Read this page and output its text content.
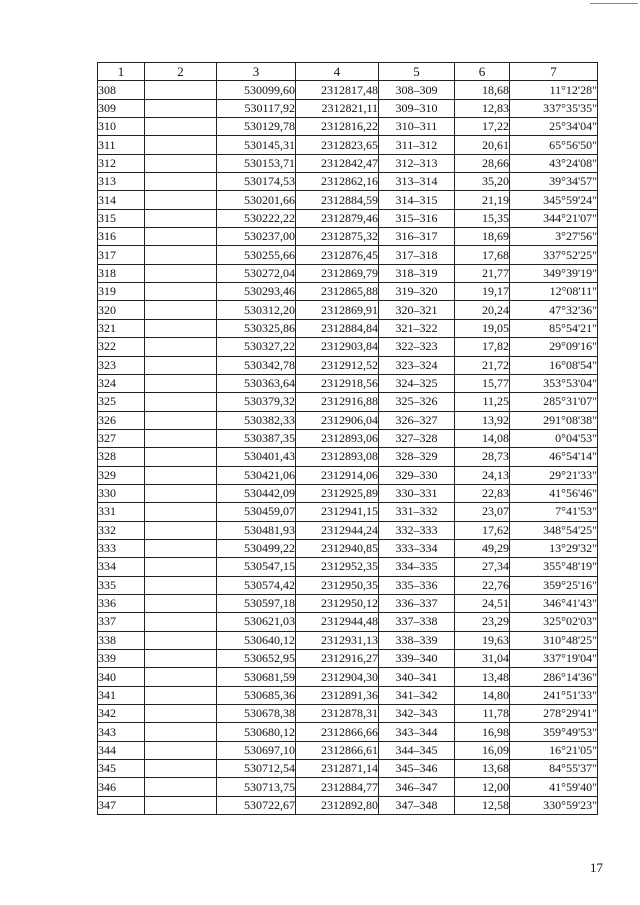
1	2	3	4	5	6	7
308		530099,60	2312817,48	308–309	18,68	11°12'28"
309		530117,92	2312821,11	309–310	12,83	337°35'35"
310		530129,78	2312816,22	310–311	17,22	25°34'04"
311		530145,31	2312823,65	311–312	20,61	65°56'50"
312		530153,71	2312842,47	312–313	28,66	43°24'08"
313		530174,53	2312862,16	313–314	35,20	39°34'57"
314		530201,66	2312884,59	314–315	21,19	345°59'24"
315		530222,22	2312879,46	315–316	15,35	344°21'07"
316		530237,00	2312875,32	316–317	18,69	3°27'56"
317		530255,66	2312876,45	317–318	17,68	337°52'25"
318		530272,04	2312869,79	318–319	21,77	349°39'19"
319		530293,46	2312865,88	319–320	19,17	12°08'11"
320		530312,20	2312869,91	320–321	20,24	47°32'36"
321		530325,86	2312884,84	321–322	19,05	85°54'21"
322		530327,22	2312903,84	322–323	17,82	29°09'16"
323		530342,78	2312912,52	323–324	21,72	16°08'54"
324		530363,64	2312918,56	324–325	15,77	353°53'04"
325		530379,32	2312916,88	325–326	11,25	285°31'07"
326		530382,33	2312906,04	326–327	13,92	291°08'38"
327		530387,35	2312893,06	327–328	14,08	0°04'53"
328		530401,43	2312893,08	328–329	28,73	46°54'14"
329		530421,06	2312914,06	329–330	24,13	29°21'33"
330		530442,09	2312925,89	330–331	22,83	41°56'46"
331		530459,07	2312941,15	331–332	23,07	7°41'53"
332		530481,93	2312944,24	332–333	17,62	348°54'25"
333		530499,22	2312940,85	333–334	49,29	13°29'32"
334		530547,15	2312952,35	334–335	27,34	355°48'19"
335		530574,42	2312950,35	335–336	22,76	359°25'16"
336		530597,18	2312950,12	336–337	24,51	346°41'43"
337		530621,03	2312944,48	337–338	23,29	325°02'03"
338		530640,12	2312931,13	338–339	19,63	310°48'25"
339		530652,95	2312916,27	339–340	31,04	337°19'04"
340		530681,59	2312904,30	340–341	13,48	286°14'36"
341		530685,36	2312891,36	341–342	14,80	241°51'33"
342		530678,38	2312878,31	342–343	11,78	278°29'41"
343		530680,12	2312866,66	343–344	16,98	359°49'53"
344		530697,10	2312866,61	344–345	16,09	16°21'05"
345		530712,54	2312871,14	345–346	13,68	84°55'37"
346		530713,75	2312884,77	346–347	12,00	41°59'40"
347		530722,67	2312892,80	347–348	12,58	330°59'23"
17
